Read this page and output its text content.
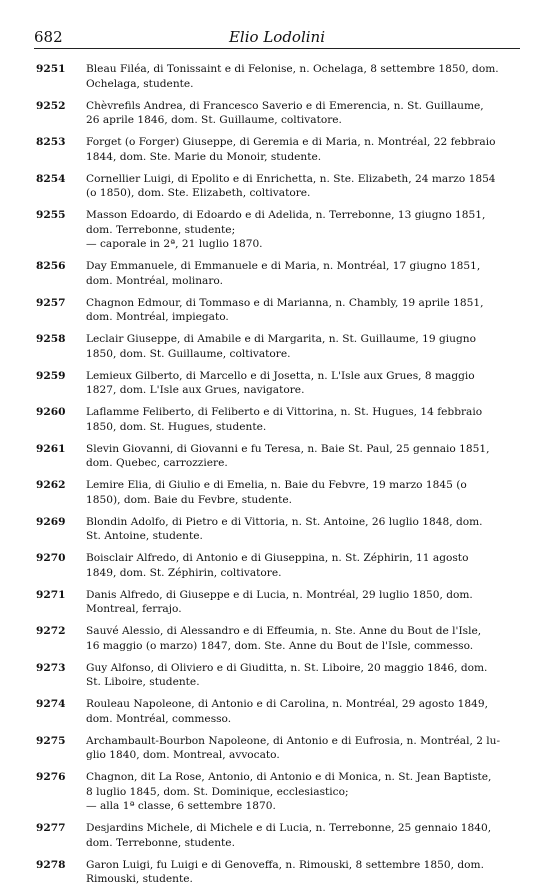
682	Elio Lodolini
9251	Bleau Filéa, di Tonissaint e di Felonise, n. Ochelaga, 8 settembre 1850, dom.
Ochelaga, studente.
9252	Chèvrefils Andrea, di Francesco Saverio e di Emerencia, n. St. Guillaume,
26 aprile 1846, dom. St. Guillaume, coltivatore.
8253	Forget (o Forger) Giuseppe, di Geremia e di Maria, n. Montréal, 22 febbraio
1844, dom. Ste. Marie du Monoir, studente.
8254	Cornellier Luigi, di Epolito e di Enrichetta, n. Ste. Elizabeth, 24 marzo 1854
(o 1850), dom. Ste. Elizabeth, coltivatore.
9255	Masson Edoardo, di Edoardo e di Adelida, n. Terrebonne, 13 giugno 1851,
dom. Terrebonne, studente;
— caporale in 2ª, 21 luglio 1870.
8256	Day Emmanuele, di Emmanuele e di Maria, n. Montréal, 17 giugno 1851,
dom. Montréal, molinaro.
9257	Chagnon Edmour, di Tommaso e di Marianna, n. Chambly, 19 aprile 1851,
dom. Montréal, impiegato.
9258	Leclair Giuseppe, di Amabile e di Margarita, n. St. Guillaume, 19 giugno
1850, dom. St. Guillaume, coltivatore.
9259	Lemieux Gilberto, di Marcello e di Josetta, n. L'Isle aux Grues, 8 maggio
1827, dom. L'Isle aux Grues, navigatore.
9260	Laflamme Feliberto, di Feliberto e di Vittorina, n. St. Hugues, 14 febbraio
1850, dom. St. Hugues, studente.
9261	Slevin Giovanni, di Giovanni e fu Teresa, n. Baie St. Paul, 25 gennaio 1851,
dom. Quebec, carrozziere.
9262	Lemire Elia, di Giulio e di Emelia, n. Baie du Febvre, 19 marzo 1845 (o
1850), dom. Baie du Fevbre, studente.
9269	Blondin Adolfo, di Pietro e di Vittoria, n. St. Antoine, 26 luglio 1848, dom.
St. Antoine, studente.
9270	Boisclair Alfredo, di Antonio e di Giuseppina, n. St. Zéphirin, 11 agosto
1849, dom. St. Zéphirin, coltivatore.
9271	Danis Alfredo, di Giuseppe e di Lucia, n. Montréal, 29 luglio 1850, dom.
Montreal, ferrajo.
9272	Sauvé Alessio, di Alessandro e di Effeumia, n. Ste. Anne du Bout de l'Isle,
16 maggio (o marzo) 1847, dom. Ste. Anne du Bout de l'Isle, commesso.
9273	Guy Alfonso, di Oliviero e di Giuditta, n. St. Liboire, 20 maggio 1846, dom.
St. Liboire, studente.
9274	Rouleau Napoleone, di Antonio e di Carolina, n. Montréal, 29 agosto 1849,
dom. Montréal, commesso.
9275	Archambault-Bourbon Napoleone, di Antonio e di Eufrosia, n. Montréal, 2 lu-
glio 1840, dom. Montreal, avvocato.
9276	Chagnon, dit La Rose, Antonio, di Antonio e di Monica, n. St. Jean Baptiste,
8 luglio 1845, dom. St. Dominique, ecclesiastico;
— alla 1ª classe, 6 settembre 1870.
9277	Desjardins Michele, di Michele e di Lucia, n. Terrebonne, 25 gennaio 1840,
dom. Terrebonne, studente.
9278	Garon Luigi, fu Luigi e di Genoveffa, n. Rimouski, 8 settembre 1850, dom.
Rimouski, studente.
